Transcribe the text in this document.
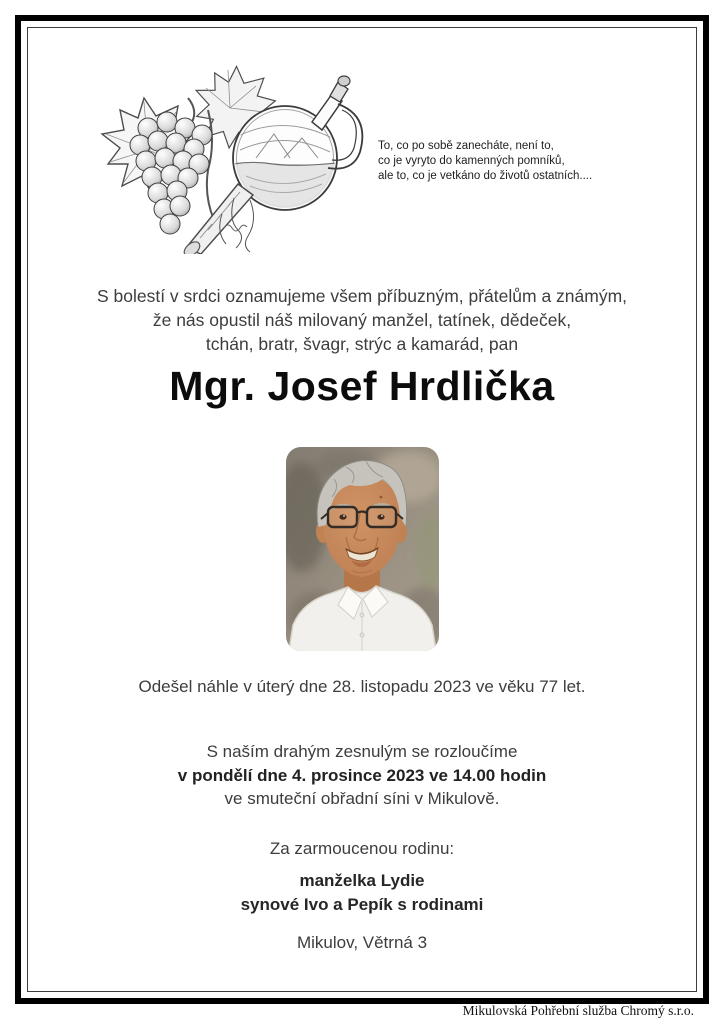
To, co po sobě zanecháte, není to,
co je vyryto do kamenných pomníků,
ale to, co je vetkáno do životů ostatních....
S bolestí v srdci oznamujeme všem příbuzným, přátelům a známým,
že nás opustil náš milovaný manžel, tatínek, dědeček,
tchán, bratr, švagr, strýc a kamarád, pan
Mgr. Josef Hrdlička
Odešel náhle v úterý dne 28. listopadu 2023 ve věku 77 let.
S naším drahým zesnulým se rozloučíme
v pondělí dne 4. prosince 2023 ve 14.00 hodin
ve smuteční obřadní síni v Mikulově.
Za zarmoucenou rodinu:
manželka Lydie
synové Ivo a Pepík s rodinami
Mikulov, Větrná 3
Mikulovská Pohřební služba Chromý s.r.o.
